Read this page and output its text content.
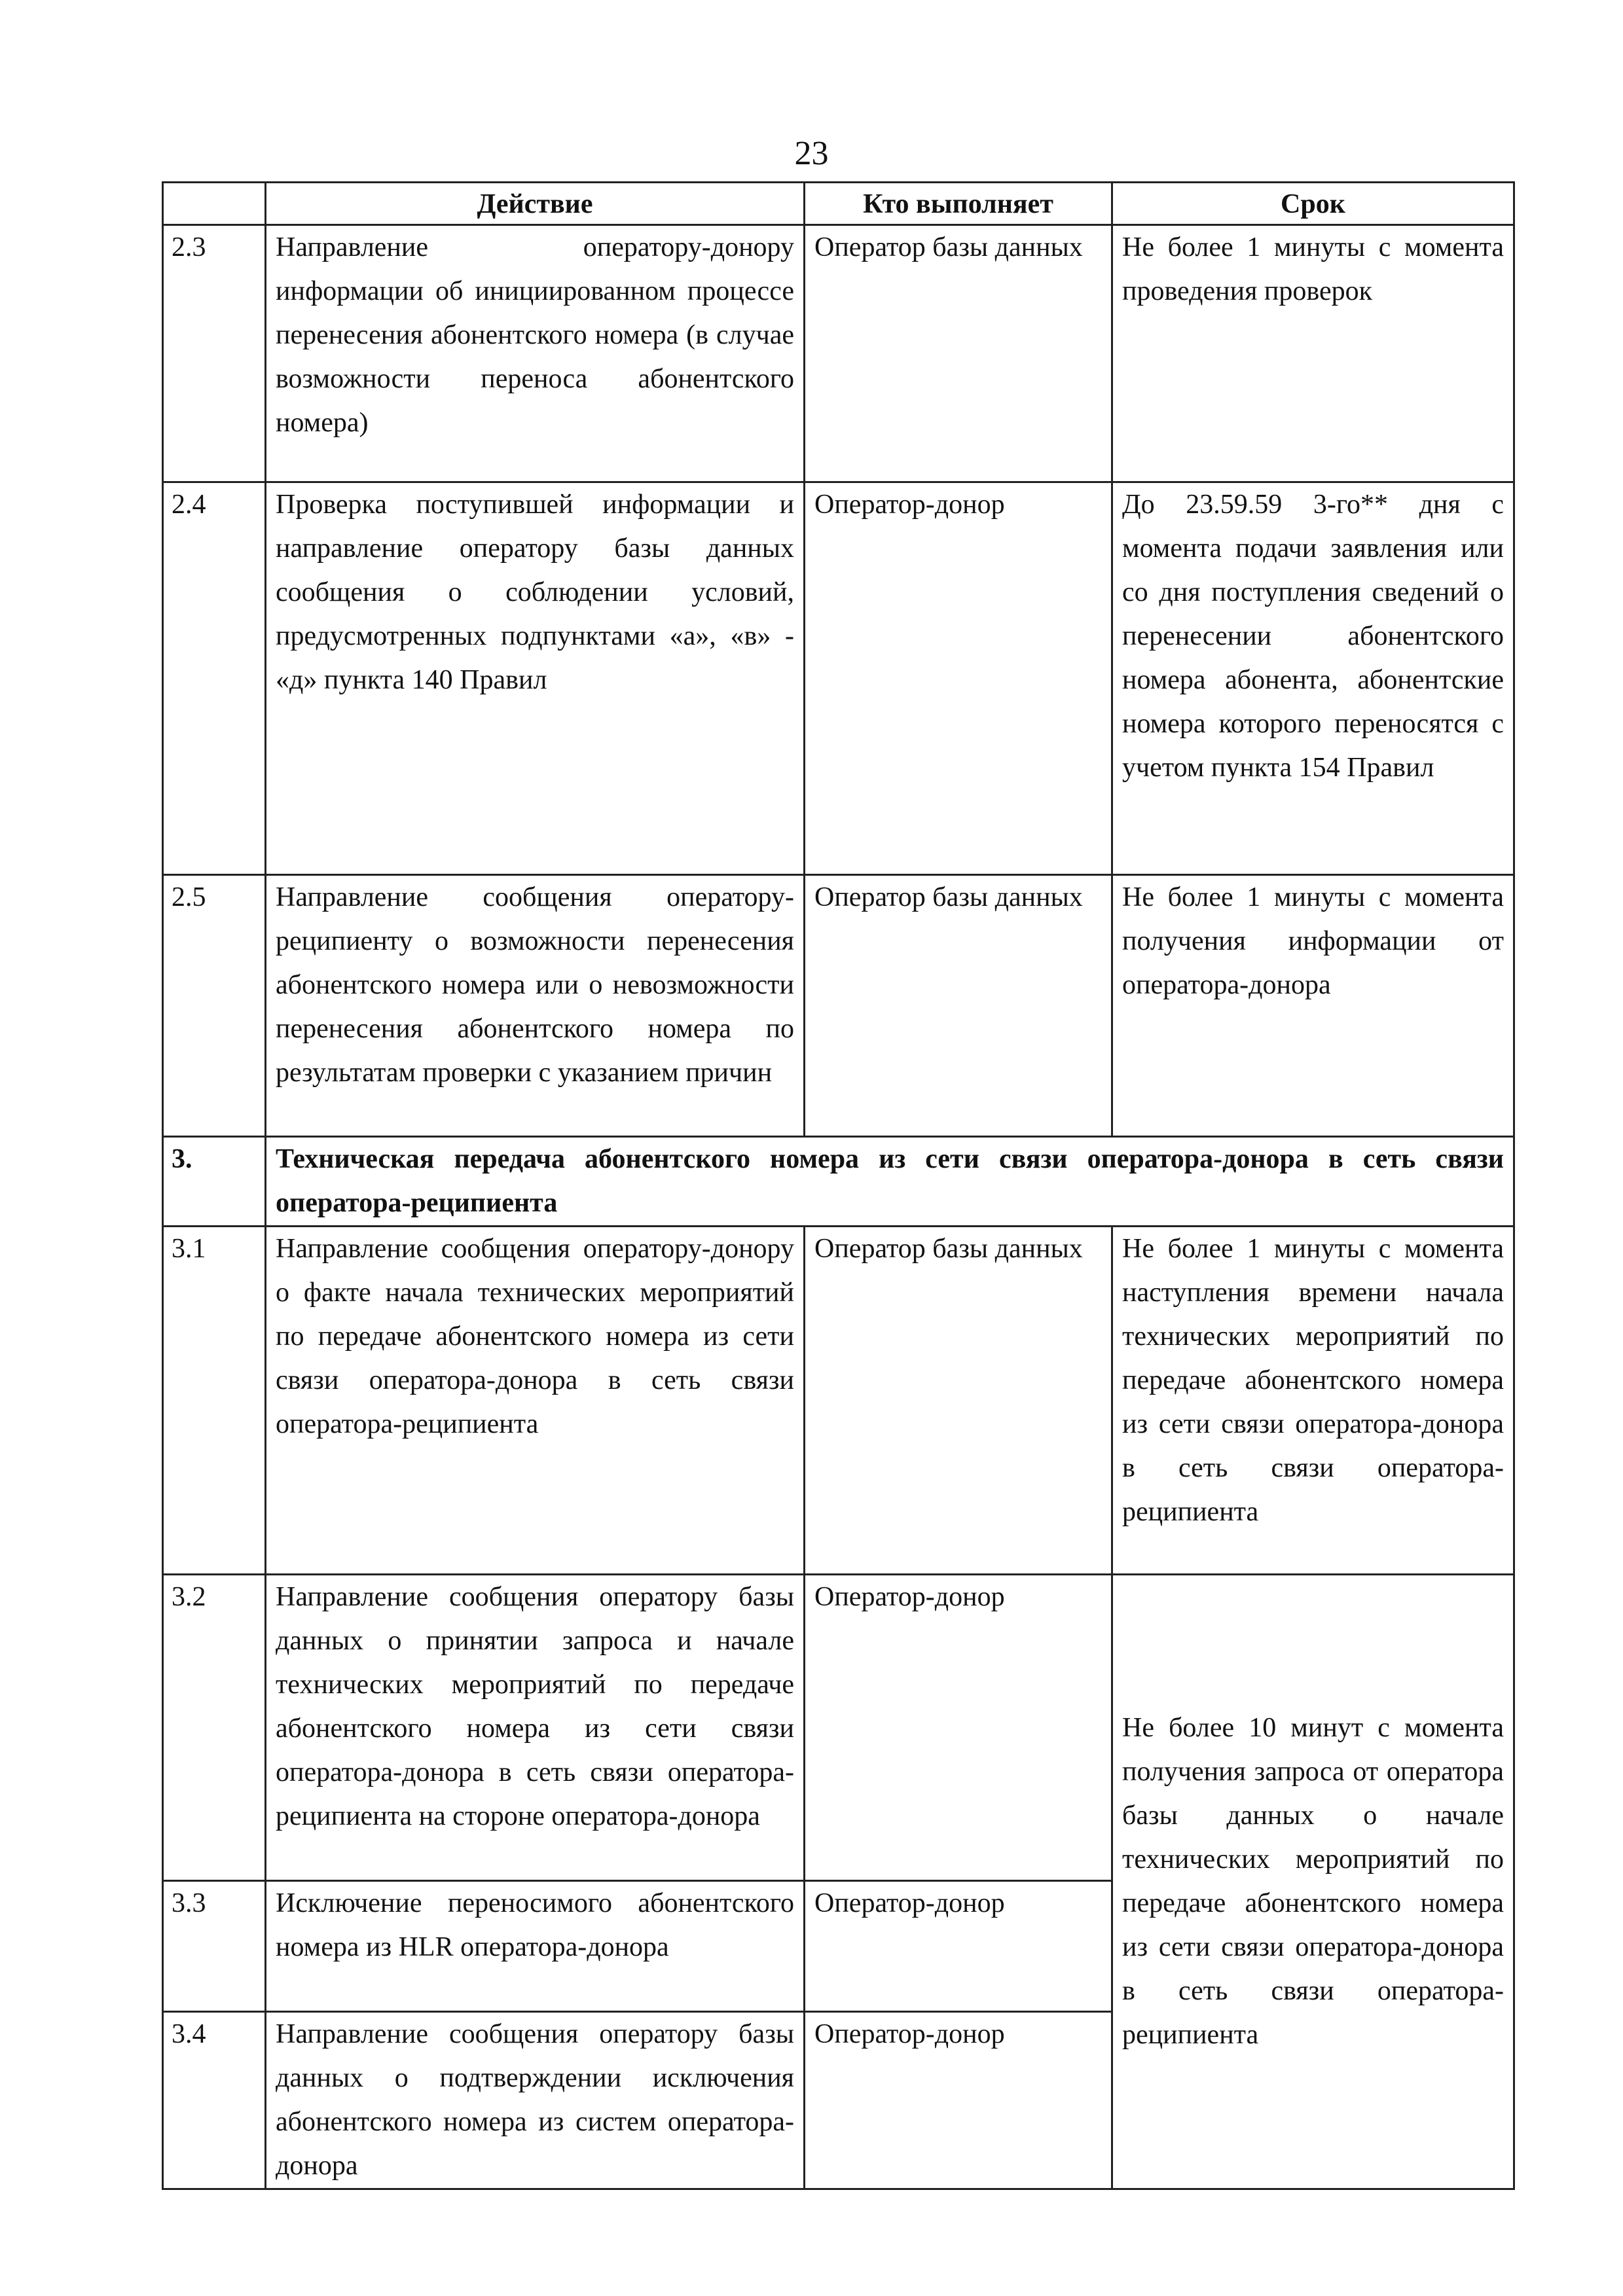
23
	Действие	Кто выполняет	Срок
2.3	Направление оператору-донору информации об инициированном процессе перенесения абонентского номера (в случае возможности переноса абонентского номера)	Оператор базы данных	Не более 1 минуты с момента проведения проверок
2.4	Проверка поступившей информации и направление оператору базы данных сообщения о соблюдении условий, предусмотренных подпунктами «а», «в» - «д» пункта 140 Правил	Оператор-донор	До 23.59.59 3-го** дня с момента подачи заявления или со дня поступления сведений о перенесении абонентского номера абонента, абонентские номера которого переносятся с учетом пункта 154 Правил
2.5	Направление сообщения оператору-реципиенту о возможности перенесения абонентского номера или о невозможности перенесения абонентского номера по результатам проверки с указанием причин	Оператор базы данных	Не более 1 минуты с момента получения информации от оператора-донора
3.	Техническая передача абонентского номера из сети связи оператора-донора в сеть связи оператора-реципиента		
3.1	Направление сообщения оператору-донору о факте начала технических мероприятий по передаче абонентского номера из сети связи оператора-донора в сеть связи оператора-реципиента	Оператор базы данных	Не более 1 минуты с момента наступления времени начала технических мероприятий по передаче абонентского номера из сети связи оператора-донора в сеть связи оператора-реципиента
3.2	Направление сообщения оператору базы данных о принятии запроса и начале технических мероприятий по передаче абонентского номера из сети связи оператора-донора в сеть связи оператора-реципиента на стороне оператора-донора	Оператор-донор	Не более 10 минут с момента получения запроса от оператора базы данных о начале технических мероприятий по передаче абонентского номера из сети связи оператора-донора в сеть связи оператора-реципиента
3.3	Исключение переносимого абонентского номера из HLR оператора-донора	Оператор-донор	
3.4	Направление сообщения оператору базы данных о подтверждении исключения абонентского номера из систем оператора-донора	Оператор-донор	
